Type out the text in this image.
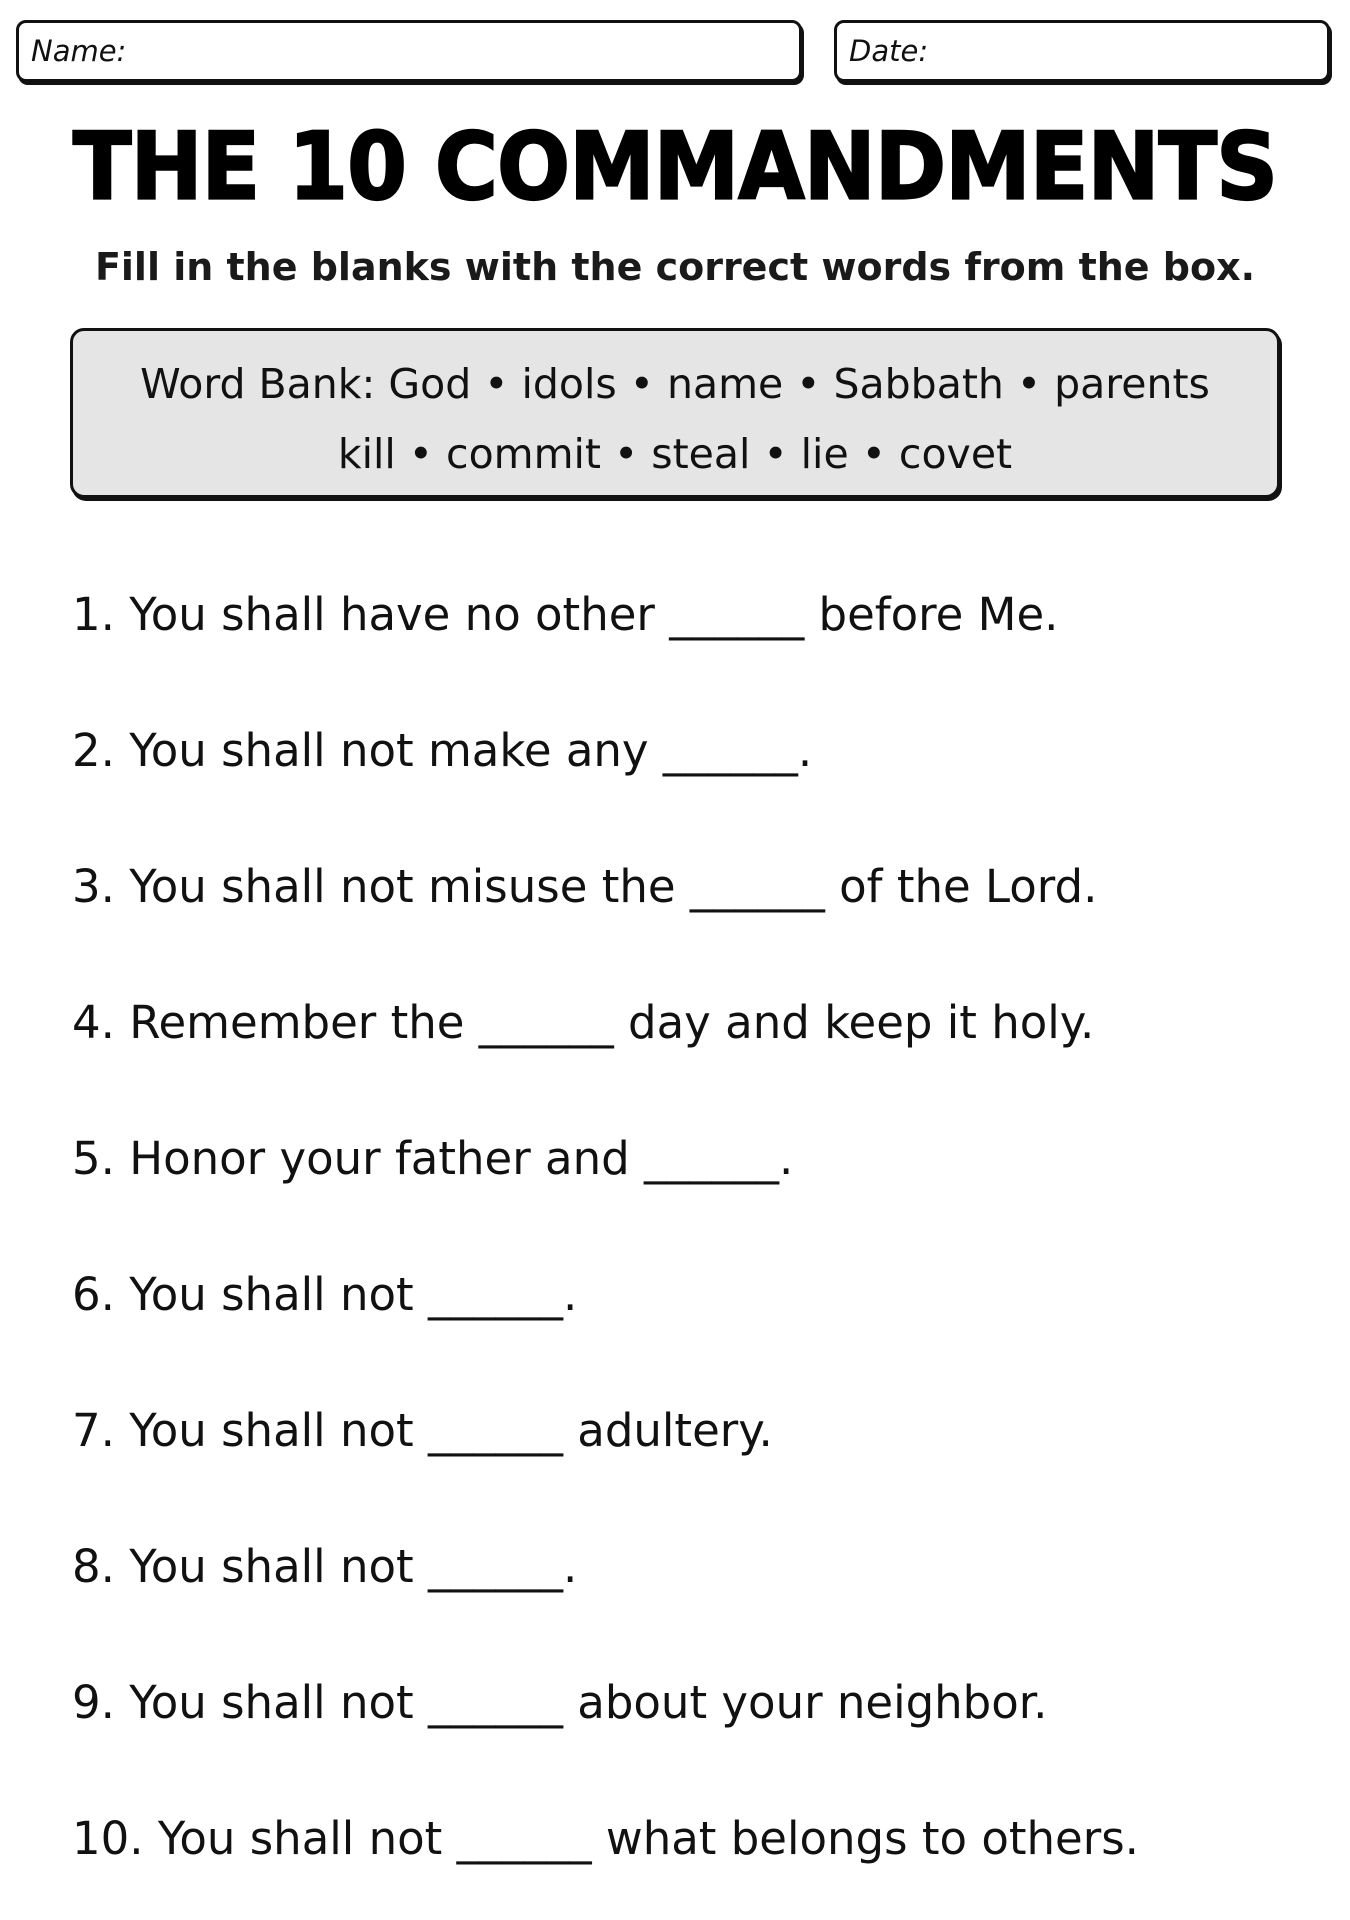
Name:	Date:
THE 10 COMMANDMENTS
Fill in the blanks with the correct words from the box.
Word Bank: God • idols • name • Sabbath • parents
kill • commit • steal • lie • covet
1. You shall have no other ______ before Me.
2. You shall not make any ______.
3. You shall not misuse the ______ of the Lord.
4. Remember the ______ day and keep it holy.
5. Honor your father and ______.
6. You shall not ______.
7. You shall not ______ adultery.
8. You shall not ______.
9. You shall not ______ about your neighbor.
10. You shall not ______ what belongs to others.
